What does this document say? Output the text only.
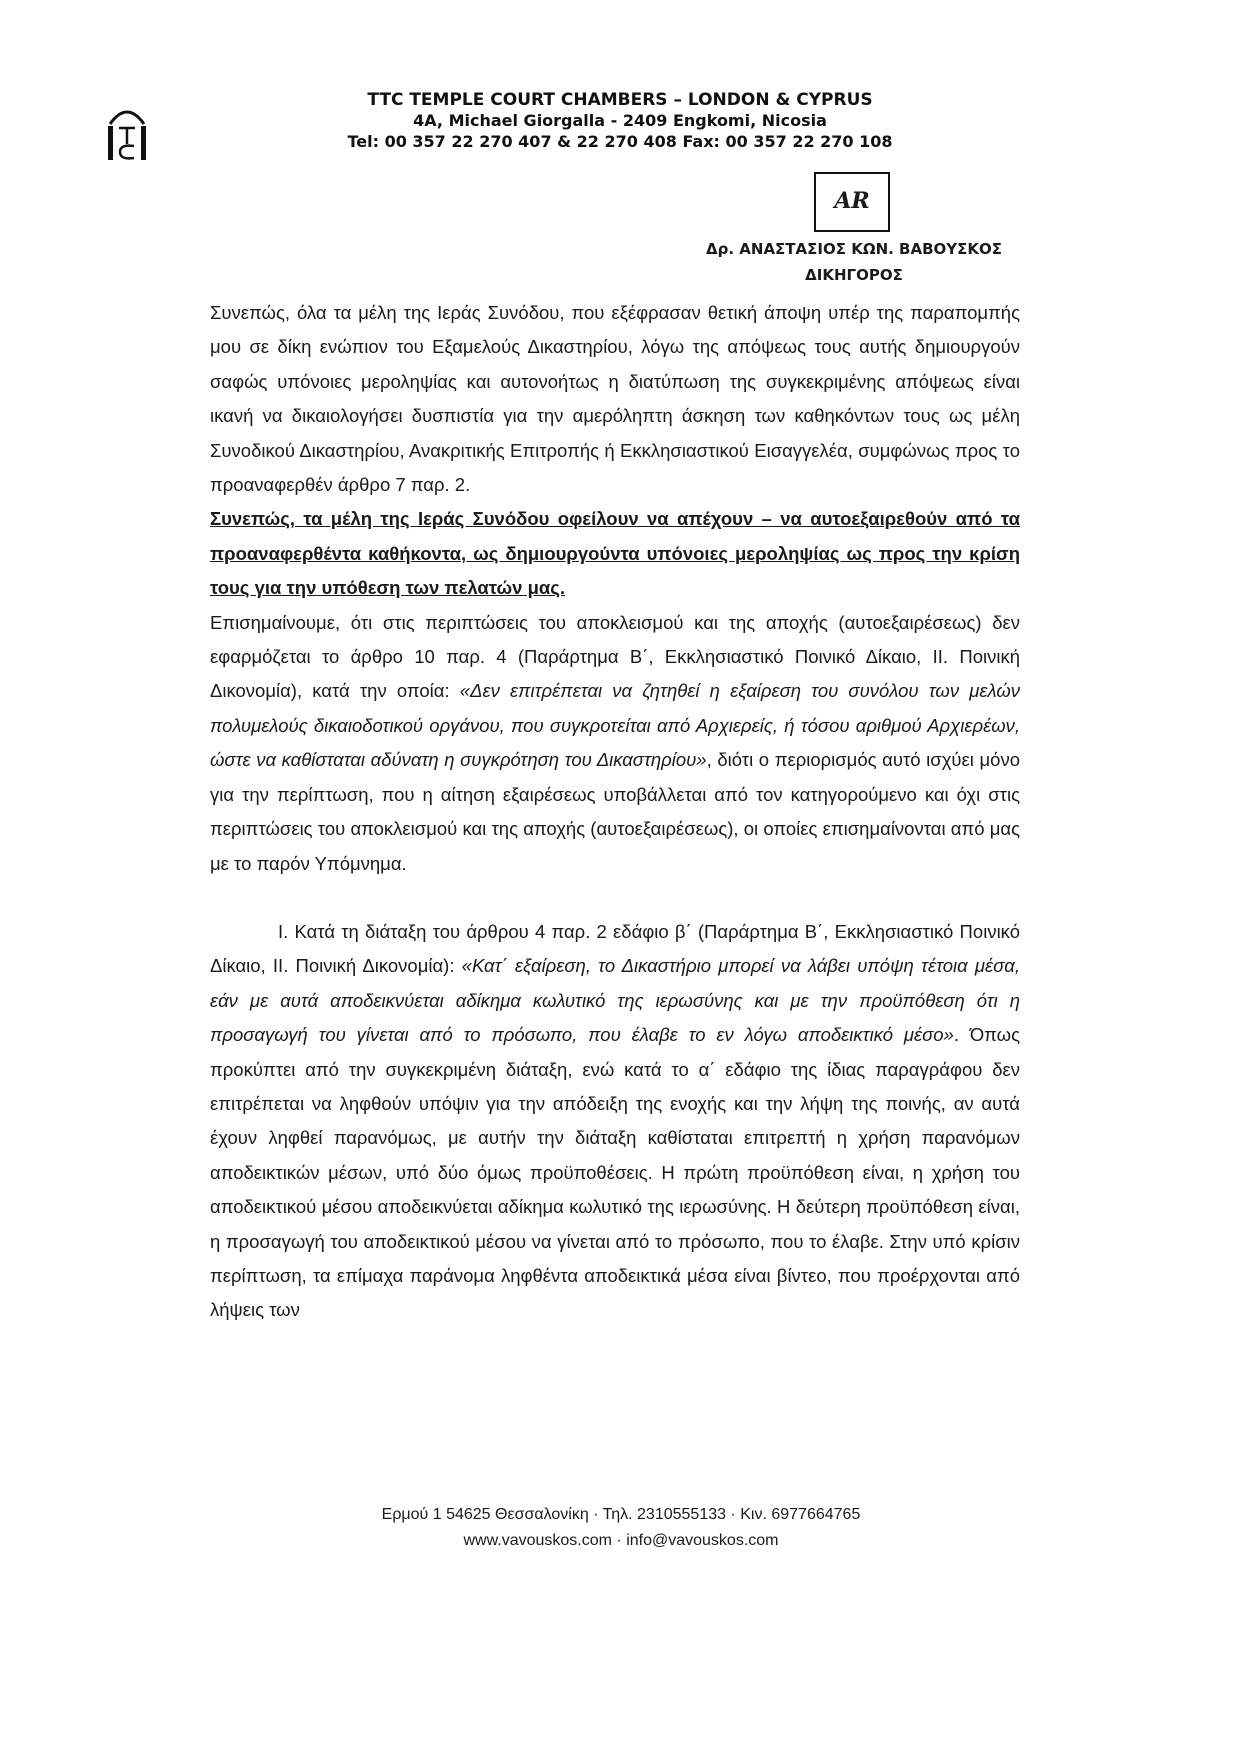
TTC TEMPLE COURT CHAMBERS – LONDON & CYPRUS
4A, Michael Giorgalla - 2409 Engkomi, Nicosia
Tel: 00 357 22 270 407 & 22 270 408 Fax: 00 357 22 270 108
AR
Δρ. ΑΝΑΣΤΑΣΙΟΣ ΚΩΝ. ΒΑΒΟΥΣΚΟΣ
ΔΙΚΗΓΟΡΟΣ

Συνεπώς, όλα τα μέλη της Ιεράς Συνόδου, που εξέφρασαν θετική άποψη υπέρ της παραπομπής μου σε δίκη ενώπιον του Εξαμελούς Δικαστηρίου, λόγω της απόψεως τους αυτής δημιουργούν σαφώς υπόνοιες μεροληψίας και αυτονοήτως η διατύπωση της συγκεκριμένης απόψεως είναι ικανή να δικαιολογήσει δυσπιστία για την αμερόληπτη άσκηση των καθηκόντων τους ως μέλη Συνοδικού Δικαστηρίου, Ανακριτικής Επιτροπής ή Εκκλησιαστικού Εισαγγελέα, συμφώνως προς το προαναφερθέν άρθρο 7 παρ. 2.

Συνεπώς, τα μέλη της Ιεράς Συνόδου οφείλουν να απέχουν – να αυτοεξαιρεθούν από τα προαναφερθέντα καθήκοντα, ως δημιουργούντα υπόνοιες μεροληψίας ως προς την κρίση τους για την υπόθεση των πελατών μας.

Επισημαίνουμε, ότι στις περιπτώσεις του αποκλεισμού και της αποχής (αυτοεξαιρέσεως) δεν εφαρμόζεται το άρθρο 10 παρ. 4 (Παράρτημα Β΄, Εκκλησιαστικό Ποινικό Δίκαιο, ΙΙ. Ποινική Δικονομία), κατά την οποία: «Δεν επιτρέπεται να ζητηθεί η εξαίρεση του συνόλου των μελών πολυμελούς δικαιοδοτικού οργάνου, που συγκροτείται από Αρχιερείς, ή τόσου αριθμού Αρχιερέων, ώστε να καθίσταται αδύνατη η συγκρότηση του Δικαστηρίου», διότι ο περιορισμός αυτό ισχύει μόνο για την περίπτωση, που η αίτηση εξαιρέσεως υποβάλλεται από τον κατηγορούμενο και όχι στις περιπτώσεις του αποκλεισμού και της αποχής (αυτοεξαιρέσεως), οι οποίες επισημαίνονται από μας με το παρόν Υπόμνημα.

Ι. Κατά τη διάταξη του άρθρου 4 παρ. 2 εδάφιο β΄ (Παράρτημα Β΄, Εκκλησιαστικό Ποινικό Δίκαιο, ΙΙ. Ποινική Δικονομία): «Κατ΄ εξαίρεση, το Δικαστήριο μπορεί να λάβει υπόψη τέτοια μέσα, εάν με αυτά αποδεικνύεται αδίκημα κωλυτικό της ιερωσύνης και με την προϋπόθεση ότι η προσαγωγή του γίνεται από το πρόσωπο, που έλαβε το εν λόγω αποδεικτικό μέσο». Όπως προκύπτει από την συγκεκριμένη διάταξη, ενώ κατά το α΄ εδάφιο της ίδιας παραγράφου δεν επιτρέπεται να ληφθούν υπόψιν για την απόδειξη της ενοχής και την λήψη της ποινής, αν αυτά έχουν ληφθεί παρανόμως, με αυτήν την διάταξη καθίσταται επιτρεπτή η χρήση παρανόμων αποδεικτικών μέσων, υπό δύο όμως προϋποθέσεις. Η πρώτη προϋπόθεση είναι, η χρήση του αποδεικτικού μέσου αποδεικνύεται αδίκημα κωλυτικό της ιερωσύνης. Η δεύτερη προϋπόθεση είναι, η προσαγωγή του αποδεικτικού μέσου να γίνεται από το πρόσωπο, που το έλαβε. Στην υπό κρίσιν περίπτωση, τα επίμαχα παράνομα ληφθέντα αποδεικτικά μέσα είναι βίντεο, που προέρχονται από λήψεις των

Ερμού 1 54625 Θεσσαλονίκη · Τηλ. 2310555133 · Κιν. 6977664765
www.vavouskos.com · info@vavouskos.com
